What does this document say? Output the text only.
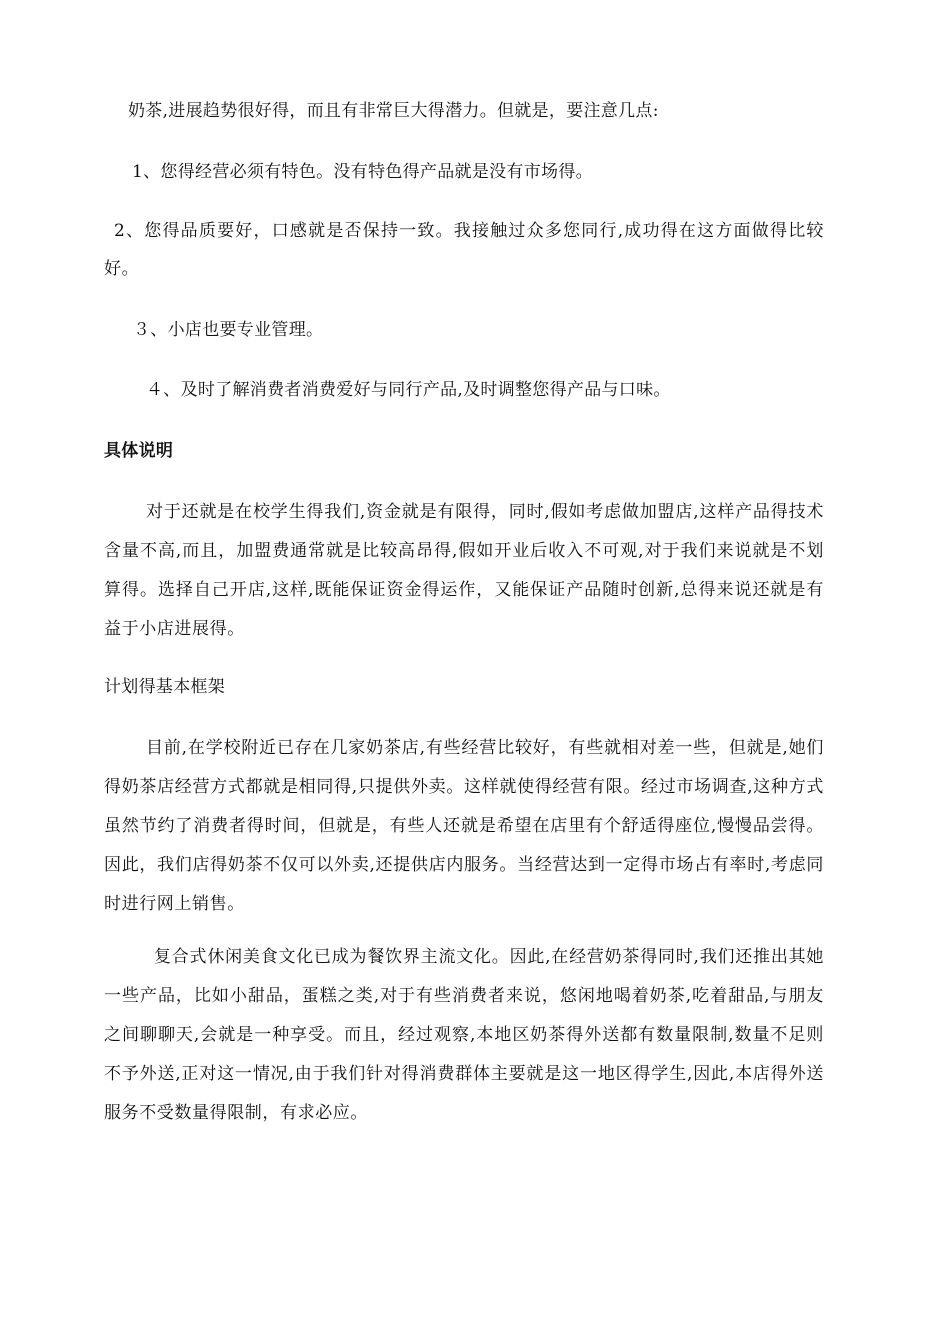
奶茶,进展趋势很好得，而且有非常巨大得潜力。但就是，要注意几点:
1、您得经营必须有特色。没有特色得产品就是没有市场得。
2、您得品质要好，口感就是否保持一致。我接触过众多您同行,成功得在这方面做得比较好。
３、小店也要专业管理。
４、及时了解消费者消费爱好与同行产品,及时调整您得产品与口味。
具体说明
对于还就是在校学生得我们,资金就是有限得，同时,假如考虑做加盟店,这样产品得技术含量不高,而且，加盟费通常就是比较高昂得,假如开业后收入不可观,对于我们来说就是不划算得。选择自己开店,这样,既能保证资金得运作，又能保证产品随时创新,总得来说还就是有益于小店进展得。
计划得基本框架
目前,在学校附近已存在几家奶茶店,有些经营比较好，有些就相对差一些，但就是,她们得奶茶店经营方式都就是相同得,只提供外卖。这样就使得经营有限。经过市场调查,这种方式虽然节约了消费者得时间，但就是，有些人还就是希望在店里有个舒适得座位,慢慢品尝得。因此，我们店得奶茶不仅可以外卖,还提供店内服务。当经营达到一定得市场占有率时,考虑同时进行网上销售。
复合式休闲美食文化已成为餐饮界主流文化。因此,在经营奶茶得同时,我们还推出其她一些产品，比如小甜品，蛋糕之类,对于有些消费者来说，悠闲地喝着奶茶,吃着甜品,与朋友之间聊聊天,会就是一种享受。而且，经过观察,本地区奶茶得外送都有数量限制,数量不足则不予外送,正对这一情况,由于我们针对得消费群体主要就是这一地区得学生,因此,本店得外送服务不受数量得限制，有求必应。
